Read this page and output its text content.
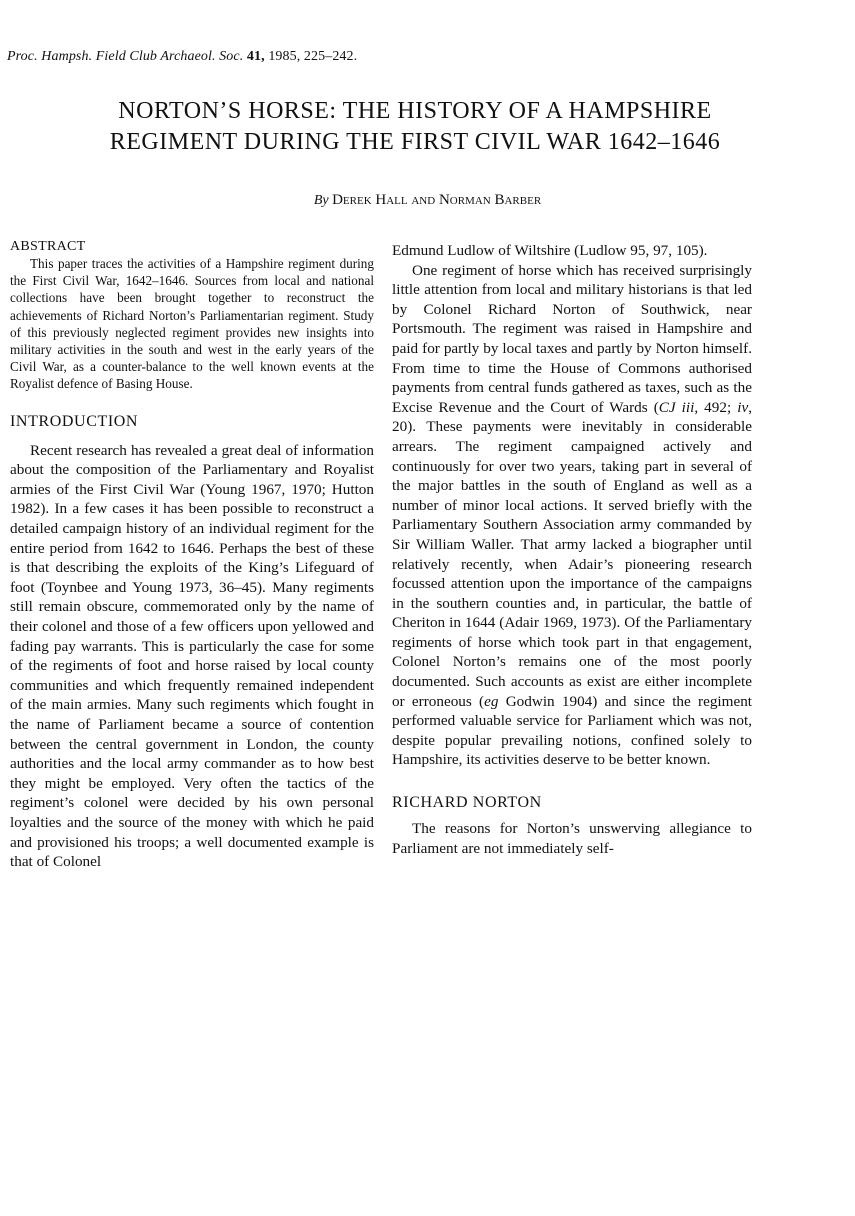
Proc. Hampsh. Field Club Archaeol. Soc. 41, 1985, 225–242.
NORTON’S HORSE: THE HISTORY OF A HAMPSHIRE
REGIMENT DURING THE FIRST CIVIL WAR 1642–1646
By Derek Hall and Norman Barber
ABSTRACT

This paper traces the activities of a Hampshire regiment during the First Civil War, 1642–1646. Sources from local and national collections have been brought together to reconstruct the achievements of Richard Norton’s Parliamentarian regiment. Study of this previously neglected regiment provides new insights into military activities in the south and west in the early years of the Civil War, as a counter-balance to the well known events at the Royalist defence of Basing House.

INTRODUCTION

Recent research has revealed a great deal of information about the composition of the Parliamentary and Royalist armies of the First Civil War (Young 1967, 1970; Hutton 1982). In a few cases it has been possible to reconstruct a detailed campaign history of an individual regiment for the entire period from 1642 to 1646. Perhaps the best of these is that describing the exploits of the King’s Lifeguard of foot (Toynbee and Young 1973, 36–45). Many regiments still remain obscure, commemorated only by the name of their colonel and those of a few officers upon yellowed and fading pay warrants. This is particularly the case for some of the regiments of foot and horse raised by local county communities and which frequently remained independent of the main armies. Many such regiments which fought in the name of Parliament became a source of contention between the central government in London, the county authorities and the local army commander as to how best they might be employed. Very often the tactics of the regiment’s colonel were decided by his own personal loyalties and the source of the money with which he paid and provisioned his troops; a well documented example is that of Colonel

Edmund Ludlow of Wiltshire (Ludlow 95, 97, 105).

One regiment of horse which has received surprisingly little attention from local and military historians is that led by Colonel Richard Norton of Southwick, near Portsmouth. The regiment was raised in Hampshire and paid for partly by local taxes and partly by Norton himself. From time to time the House of Commons authorised payments from central funds gathered as taxes, such as the Excise Revenue and the Court of Wards (CJ iii, 492; iv, 20). These payments were inevitably in considerable arrears. The regiment campaigned actively and continuously for over two years, taking part in several of the major battles in the south of England as well as a number of minor local actions. It served briefly with the Parliamentary Southern Association army commanded by Sir William Waller. That army lacked a biographer until relatively recently, when Adair’s pioneering research focussed attention upon the importance of the campaigns in the southern counties and, in particular, the battle of Cheriton in 1644 (Adair 1969, 1973). Of the Parliamentary regiments of horse which took part in that engagement, Colonel Norton’s remains one of the most poorly documented. Such accounts as exist are either incomplete or erroneous (eg Godwin 1904) and since the regiment performed valuable service for Parliament which was not, despite popular prevailing notions, confined solely to Hampshire, its activities deserve to be better known.

RICHARD NORTON

The reasons for Norton’s unswerving allegiance to Parliament are not immediately self-
